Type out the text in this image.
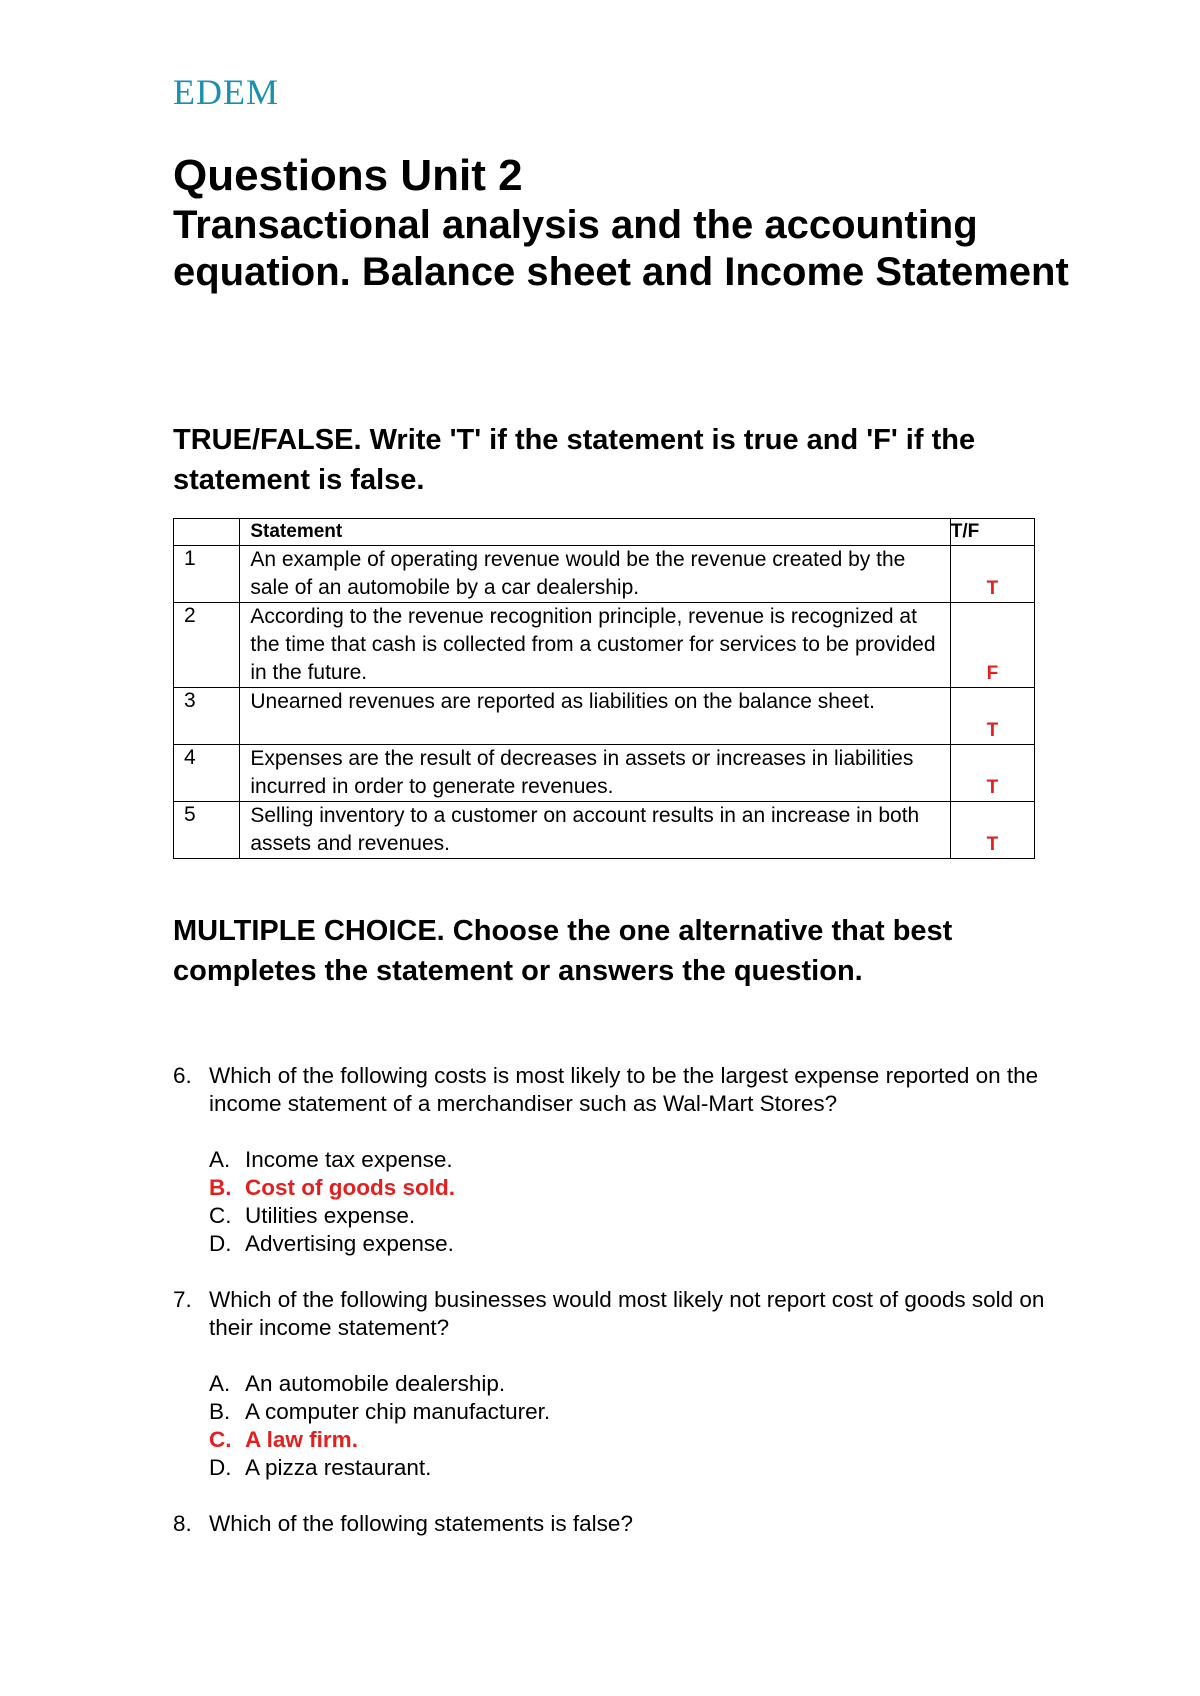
EDEM
Questions Unit 2
Transactional analysis and the accounting equation. Balance sheet and Income Statement
TRUE/FALSE. Write 'T' if the statement is true and 'F' if the statement is false.
	Statement	T/F
1	An example of operating revenue would be the revenue created by the sale of an automobile by a car dealership.	T

2	According to the revenue recognition principle, revenue is recognized at the time that cash is collected from a customer for services to be provided in the future.	F

3	Unearned revenues are reported as liabilities on the balance sheet.	T

4	Expenses are the result of decreases in assets or increases in liabilities incurred in order to generate revenues.	T

5	Selling inventory to a customer on account results in an increase in both assets and revenues.	T
MULTIPLE CHOICE. Choose the one alternative that best completes the statement or answers the question.
6. Which of the following costs is most likely to be the largest expense reported on the income statement of a merchandiser such as Wal-Mart Stores?
A. Income tax expense.
B. Cost of goods sold.
C. Utilities expense.
D. Advertising expense.
7. Which of the following businesses would most likely not report cost of goods sold on their income statement?
A. An automobile dealership.
B. A computer chip manufacturer.
C. A law firm.
D. A pizza restaurant.
8. Which of the following statements is false?
